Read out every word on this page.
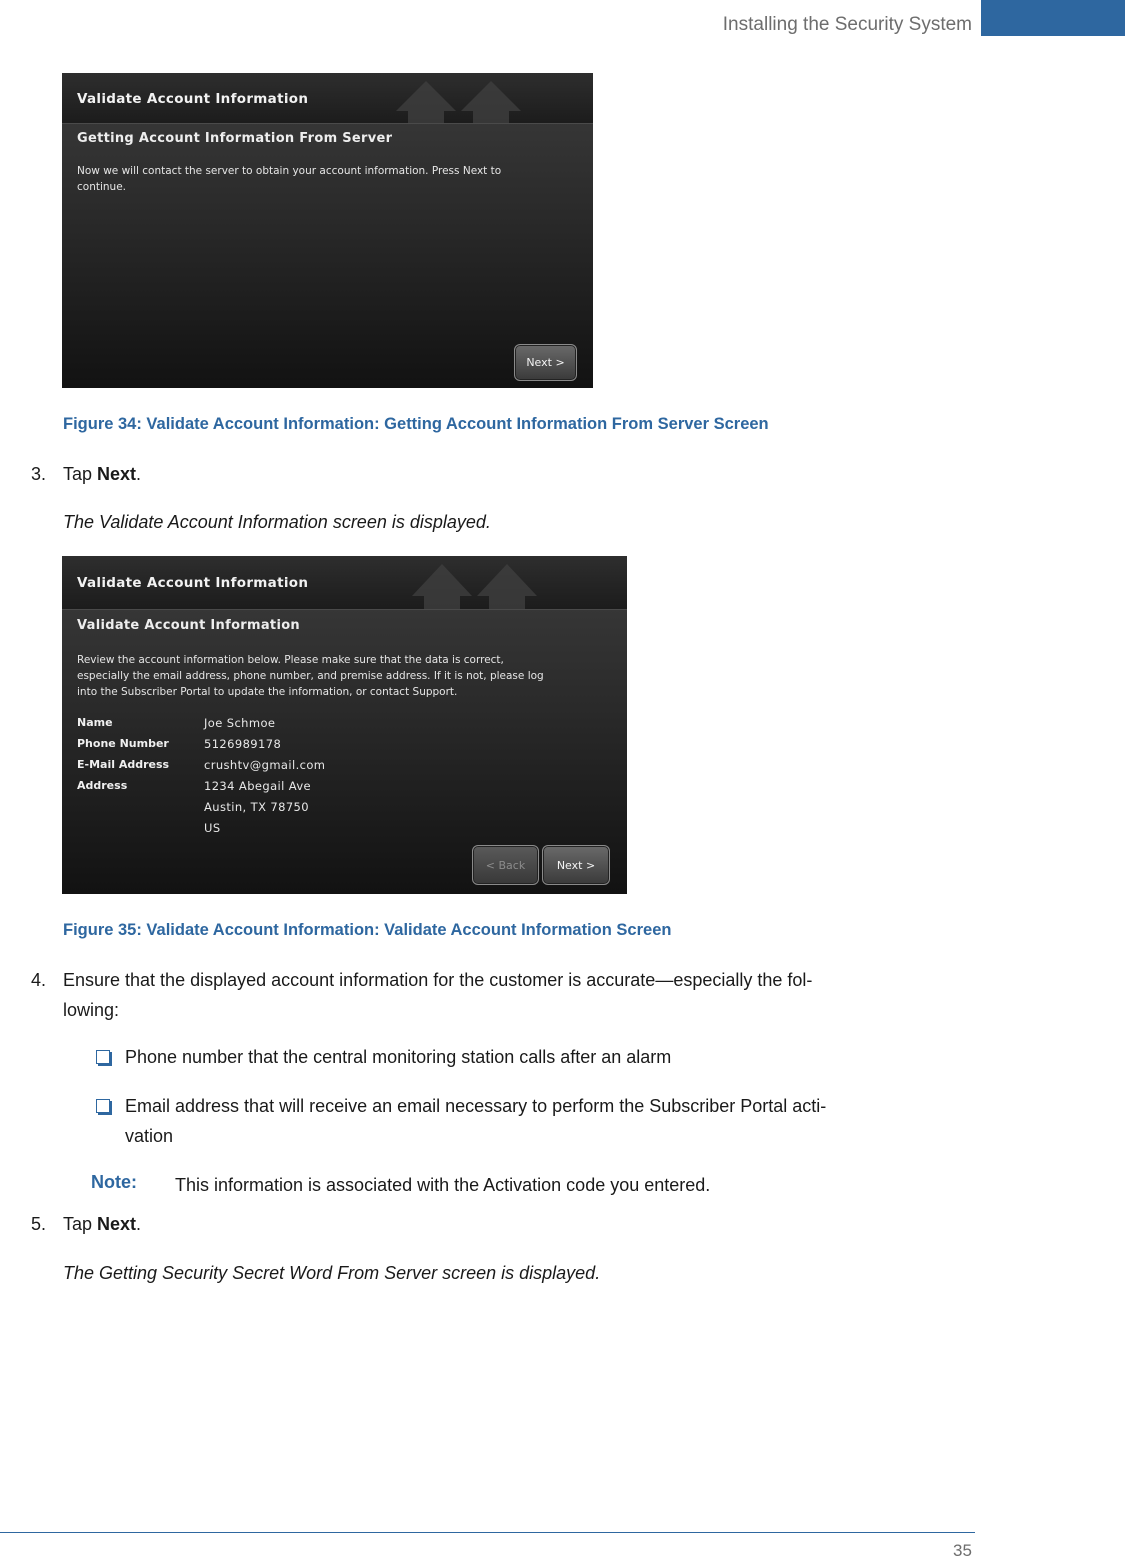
Installing the Security System
Validate Account Information
Getting Account Information From Server
Now we will contact the server to obtain your account information. Press Next to
continue.
Next >
Figure 34: Validate Account Information: Getting Account Information From Server Screen
3. Tap Next.
The Validate Account Information screen is displayed.
Validate Account Information
Validate Account Information
Review the account information below. Please make sure that the data is correct,
especially the email address, phone number, and premise address. If it is not, please log
into the Subscriber Portal to update the information, or contact Support.
Name	Joe Schmoe
Phone Number	5126989178
E-Mail Address	crushtv@gmail.com
Address	1234 Abegail Ave
Austin, TX 78750
US
< Back	Next >
Figure 35: Validate Account Information: Validate Account Information Screen
4. Ensure that the displayed account information for the customer is accurate—especially the fol-
lowing:
Phone number that the central monitoring station calls after an alarm
Email address that will receive an email necessary to perform the Subscriber Portal acti-
vation
Note: This information is associated with the Activation code you entered.
5. Tap Next.
The Getting Security Secret Word From Server screen is displayed.
35
